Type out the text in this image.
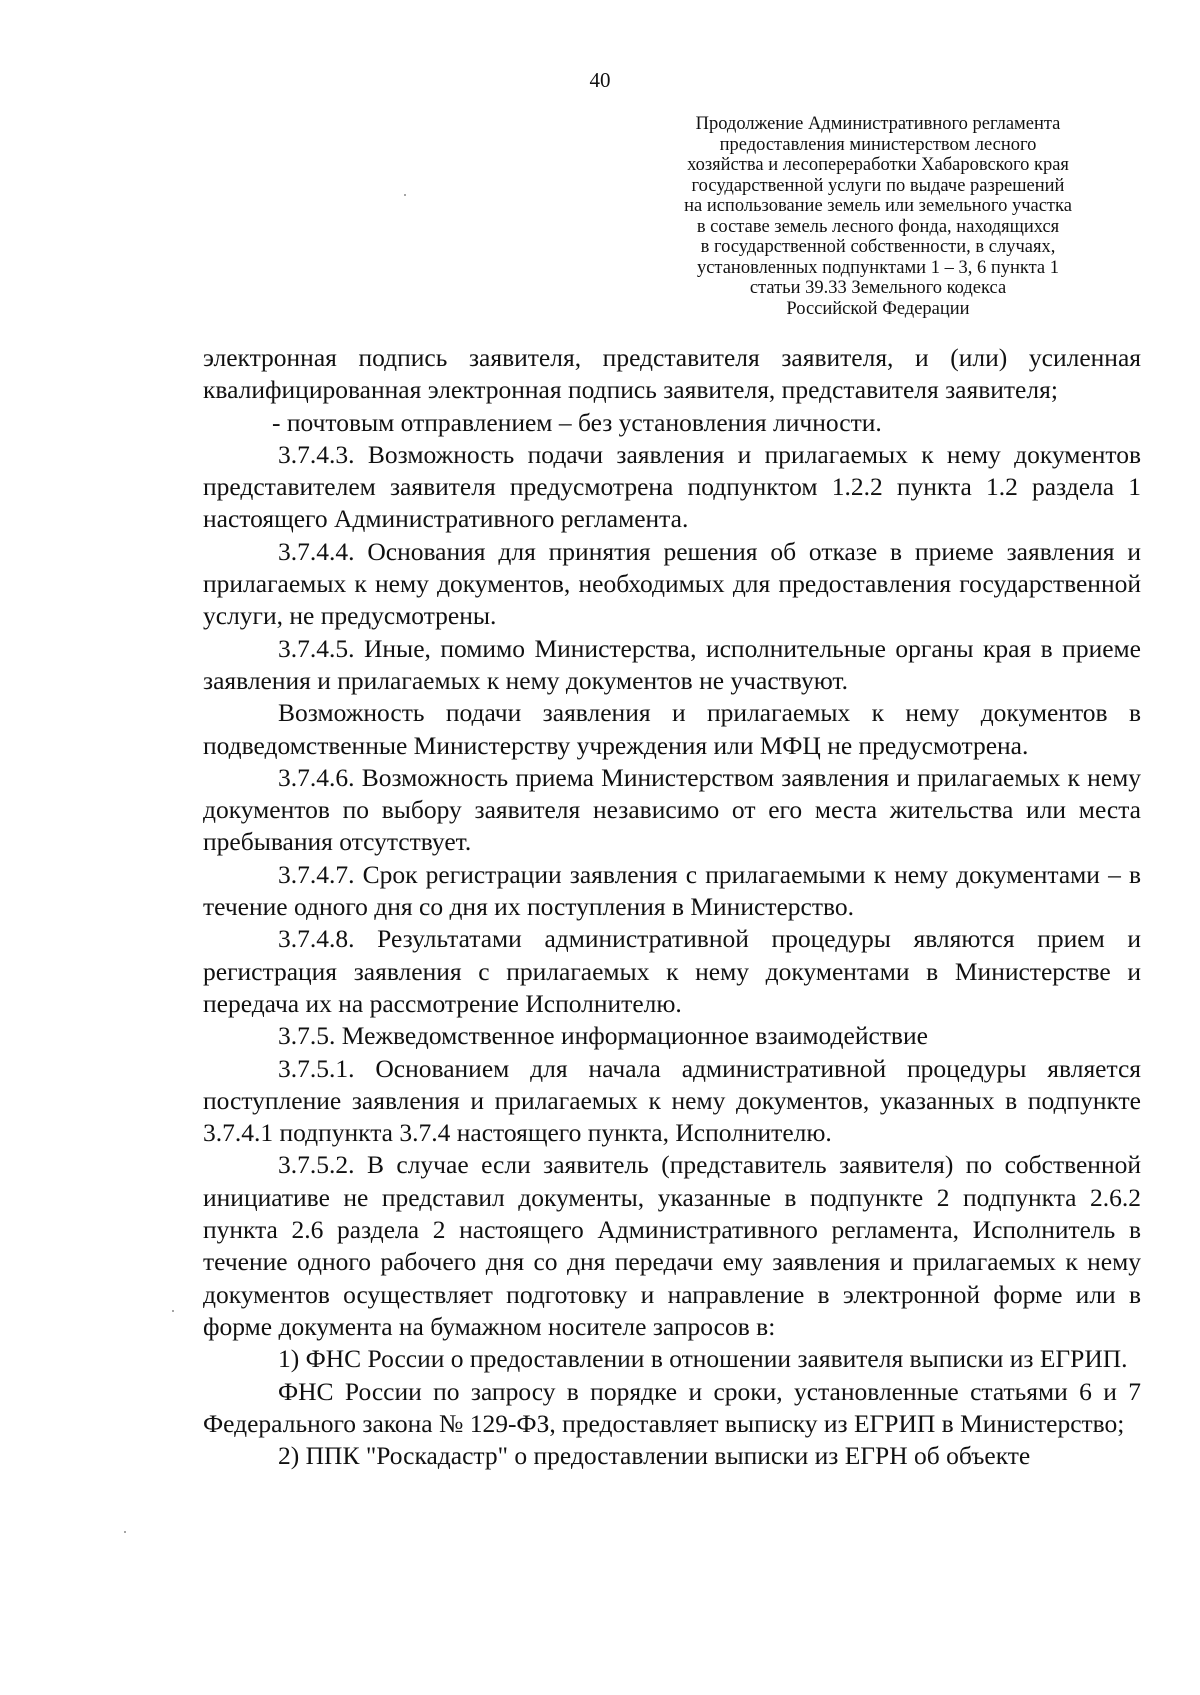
40
Продолжение Административного регламента
предоставления министерством лесного
хозяйства и лесопереработки Хабаровского края
государственной услуги по выдаче разрешений
на использование земель или земельного участка
в составе земель лесного фонда, находящихся
в государственной собственности, в случаях,
установленных подпунктами 1 – 3, 6 пункта 1
статьи 39.33 Земельного кодекса
Российской Федерации

электронная подпись заявителя, представителя заявителя, и (или) усиленная квалифицированная электронная подпись заявителя, представителя заявителя;

- почтовым отправлением – без установления личности.

3.7.4.3. Возможность подачи заявления и прилагаемых к нему документов представителем заявителя предусмотрена подпунктом 1.2.2 пункта 1.2 раздела 1 настоящего Административного регламента.

3.7.4.4. Основания для принятия решения об отказе в приеме заявления и прилагаемых к нему документов, необходимых для предоставления государственной услуги, не предусмотрены.

3.7.4.5. Иные, помимо Министерства, исполнительные органы края в приеме заявления и прилагаемых к нему документов не участвуют.

Возможность подачи заявления и прилагаемых к нему документов в подведомственные Министерству учреждения или МФЦ не предусмотрена.

3.7.4.6. Возможность приема Министерством заявления и прилагаемых к нему документов по выбору заявителя независимо от его места жительства или места пребывания отсутствует.

3.7.4.7. Срок регистрации заявления с прилагаемыми к нему документами – в течение одного дня со дня их поступления в Министерство.

3.7.4.8. Результатами административной процедуры являются прием и регистрация заявления с прилагаемых к нему документами в Министерстве и передача их на рассмотрение Исполнителю.

3.7.5. Межведомственное информационное взаимодействие

3.7.5.1. Основанием для начала административной процедуры является поступление заявления и прилагаемых к нему документов, указанных в подпункте 3.7.4.1 подпункта 3.7.4 настоящего пункта, Исполнителю.

3.7.5.2. В случае если заявитель (представитель заявителя) по собственной инициативе не представил документы, указанные в подпункте 2 подпункта 2.6.2 пункта 2.6 раздела 2 настоящего Административного регламента, Исполнитель в течение одного рабочего дня со дня передачи ему заявления и прилагаемых к нему документов осуществляет подготовку и направление в электронной форме или в форме документа на бумажном носителе запросов в:

1) ФНС России о предоставлении в отношении заявителя выписки из ЕГРИП.

ФНС России по запросу в порядке и сроки, установленные статьями 6 и 7 Федерального закона № 129-ФЗ, предоставляет выписку из ЕГРИП в Министерство;

2) ППК "Роскадастр" о предоставлении выписки из ЕГРН об объекте
